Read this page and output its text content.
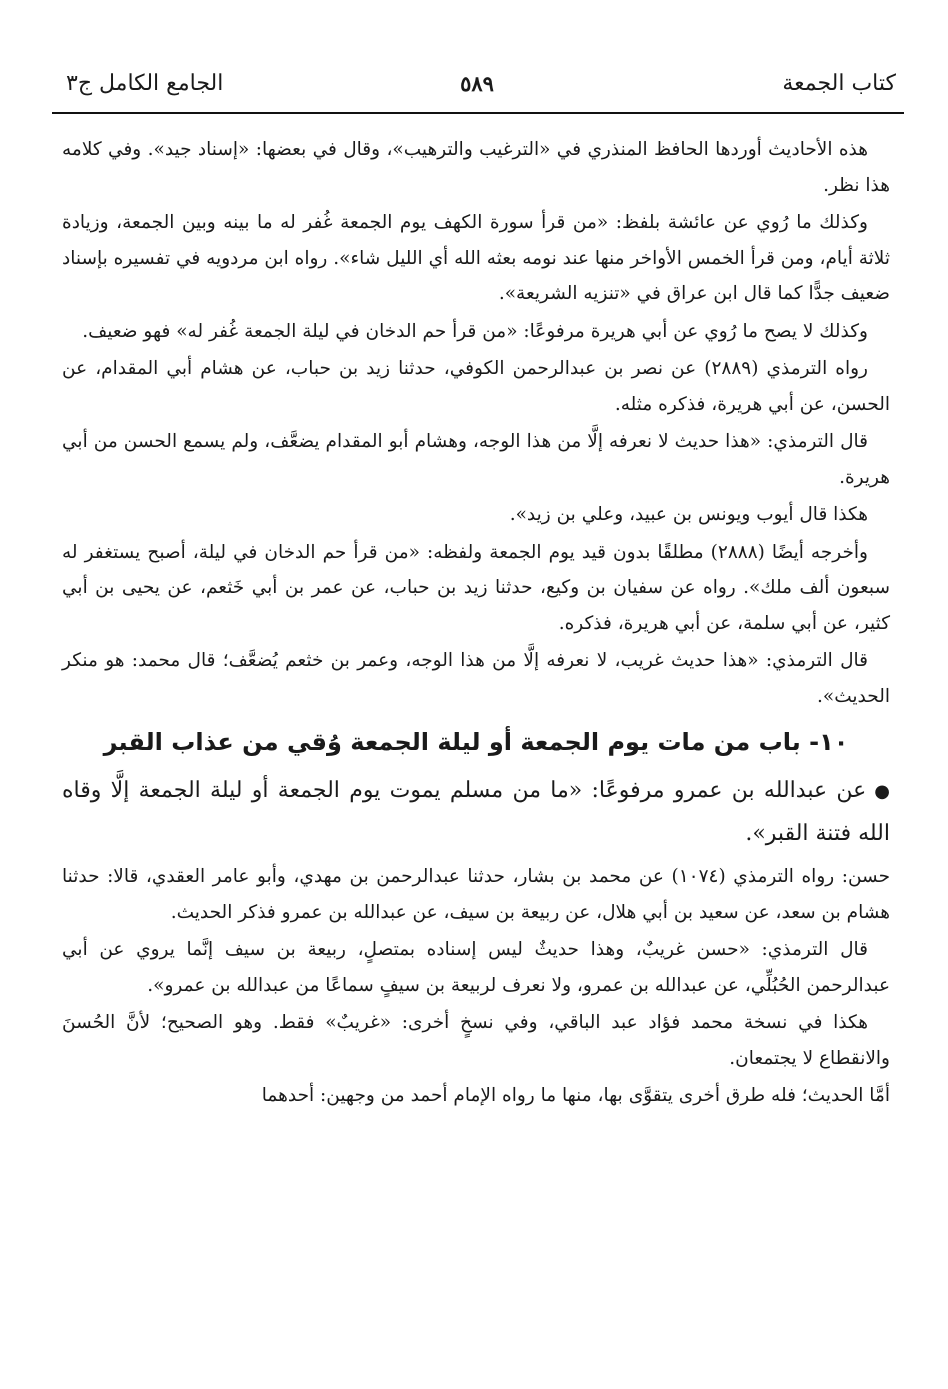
كتاب الجمعة
٥٨٩
الجامع الكامل ج٣

هذه الأحاديث أوردها الحافظ المنذري في «الترغيب والترهيب»، وقال في بعضها: «إسناد جيد». وفي كلامه هذا نظر.

وكذلك ما رُوي عن عائشة بلفظ: «من قرأ سورة الكهف يوم الجمعة غُفر له ما بينه وبين الجمعة، وزيادة ثلاثة أيام، ومن قرأ الخمس الأواخر منها عند نومه بعثه الله أي الليل شاء». رواه ابن مردويه في تفسيره بإسناد ضعيف جدًّا كما قال ابن عراق في «تنزيه الشريعة».

وكذلك لا يصح ما رُوي عن أبي هريرة مرفوعًا: «من قرأ حم الدخان في ليلة الجمعة غُفر له» فهو ضعيف.

رواه الترمذي (٢٨٨٩) عن نصر بن عبدالرحمن الكوفي، حدثنا زيد بن حباب، عن هشام أبي المقدام، عن الحسن، عن أبي هريرة، فذكره مثله.

قال الترمذي: «هذا حديث لا نعرفه إلَّا من هذا الوجه، وهشام أبو المقدام يضعَّف، ولم يسمع الحسن من أبي هريرة.

هكذا قال أيوب ويونس بن عبيد، وعلي بن زيد».

وأخرجه أيضًا (٢٨٨٨) مطلقًا بدون قيد يوم الجمعة ولفظه: «من قرأ حم الدخان في ليلة، أصبح يستغفر له سبعون ألف ملك». رواه عن سفيان بن وكيع، حدثنا زيد بن حباب، عن عمر بن أبي خَثعم، عن يحيى بن أبي كثير، عن أبي سلمة، عن أبي هريرة، فذكره.

قال الترمذي: «هذا حديث غريب، لا نعرفه إلَّا من هذا الوجه، وعمر بن خثعم يُضعَّف؛ قال محمد: هو منكر الحديث».

١٠- باب من مات يوم الجمعة أو ليلة الجمعة وُقي من عذاب القبر

●عن عبدالله بن عمرو مرفوعًا: «ما من مسلم يموت يوم الجمعة أو ليلة الجمعة إلَّا وقاه الله فتنة القبر».

حسن: رواه الترمذي (١٠٧٤) عن محمد بن بشار، حدثنا عبدالرحمن بن مهدي، وأبو عامر العقدي، قالا: حدثنا هشام بن سعد، عن سعيد بن أبي هلال، عن ربيعة بن سيف، عن عبدالله بن عمرو فذكر الحديث.

قال الترمذي: «حسن غريبٌ، وهذا حديثٌ ليس إسناده بمتصلٍ، ربيعة بن سيف إنَّما يروي عن أبي عبدالرحمن الحُبُلِّي، عن عبدالله بن عمرو، ولا نعرف لربيعة بن سيفٍ سماعًا من عبدالله بن عمرو».

هكذا في نسخة محمد فؤاد عبد الباقي، وفي نسخٍ أخرى: «غريبٌ» فقط. وهو الصحيح؛ لأنَّ الحُسنَ والانقطاع لا يجتمعان.

أمَّا الحديث؛ فله طرق أخرى يتقوَّى بها، منها ما رواه الإمام أحمد من وجهين: أحدهما
